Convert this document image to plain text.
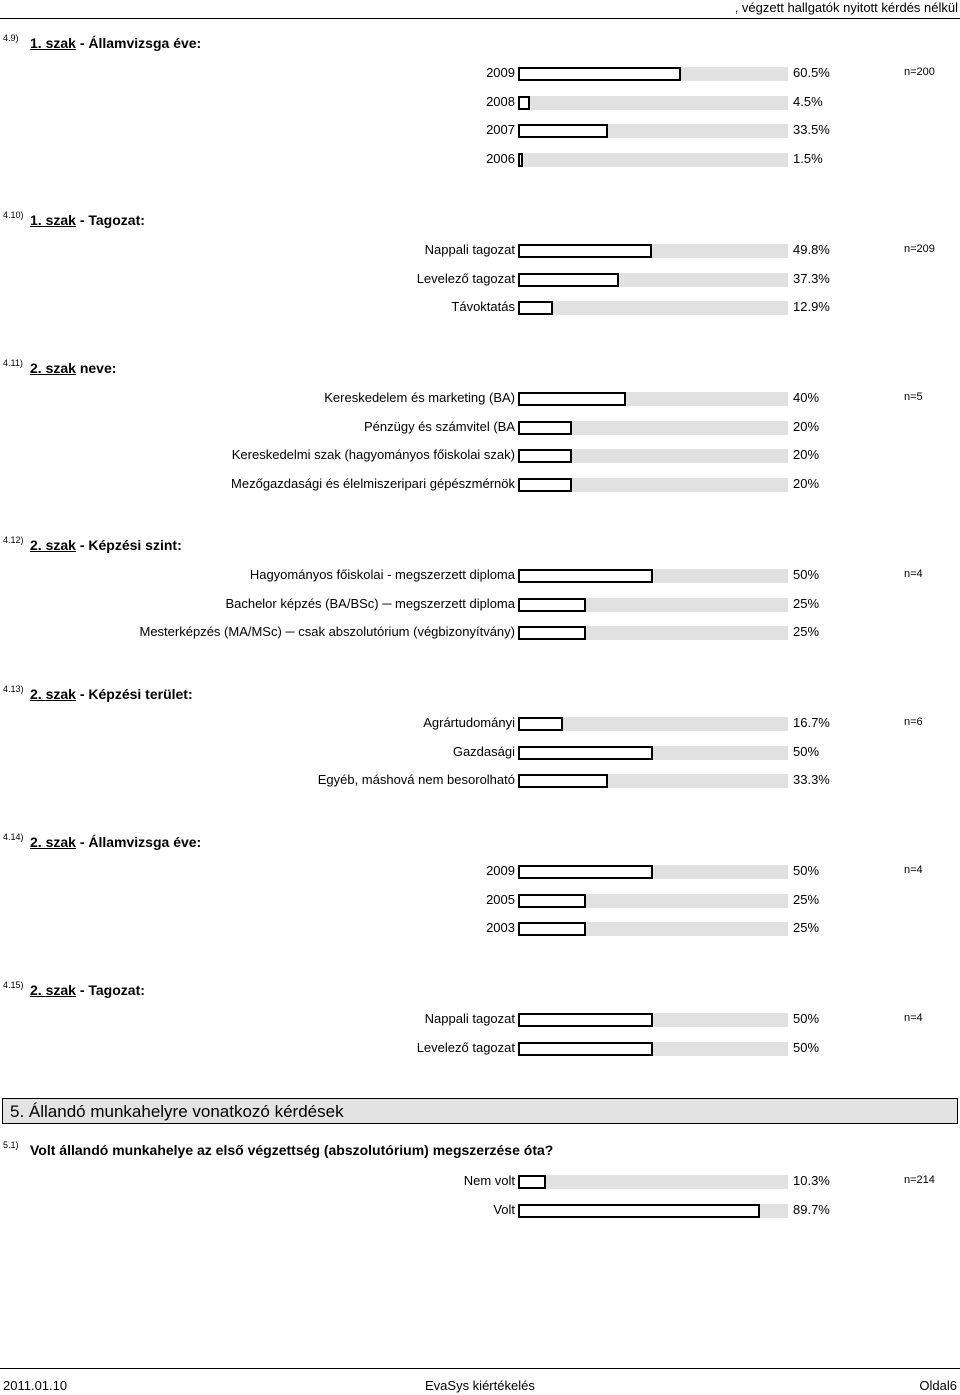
, végzett hallgatók nyitott kérdés nélkül
4.9) 1. szak - Államvizsga éve:
2009	60.5%
2008	4.5%
2007	33.5%
2006	1.5%
n=200
4.10) 1. szak - Tagozat:
Nappali tagozat	49.8%
Levelező tagozat	37.3%
Távoktatás	12.9%
n=209
4.11) 2. szak neve:
Kereskedelem és marketing (BA)	40%
Pénzügy és számvitel (BA	20%
Kereskedelmi szak (hagyományos főiskolai szak)	20%
Mezőgazdasági és élelmiszeripari gépészmérnök	20%
n=5
4.12) 2. szak - Képzési szint:
Hagyományos főiskolai - megszerzett diploma	50%
Bachelor képzés (BA/BSc) ─ megszerzett diploma	25%
Mesterképzés (MA/MSc) ─ csak abszolutórium (végbizonyítvány)	25%
n=4
4.13) 2. szak - Képzési terület:
Agrártudományi	16.7%
Gazdasági	50%
Egyéb, máshová nem besorolható	33.3%
n=6
4.14) 2. szak - Államvizsga éve:
2009	50%
2005	25%
2003	25%
n=4
4.15) 2. szak - Tagozat:
Nappali tagozat	50%
Levelező tagozat	50%
n=4
5.1) Volt állandó munkahelye az első végzettség (abszolutórium) megszerzése óta?
Nem volt	10.3%
Volt	89.7%
n=214
5. Állandó munkahelyre vonatkozó kérdések
2011.01.10	EvaSys kiértékelés	Oldal6
